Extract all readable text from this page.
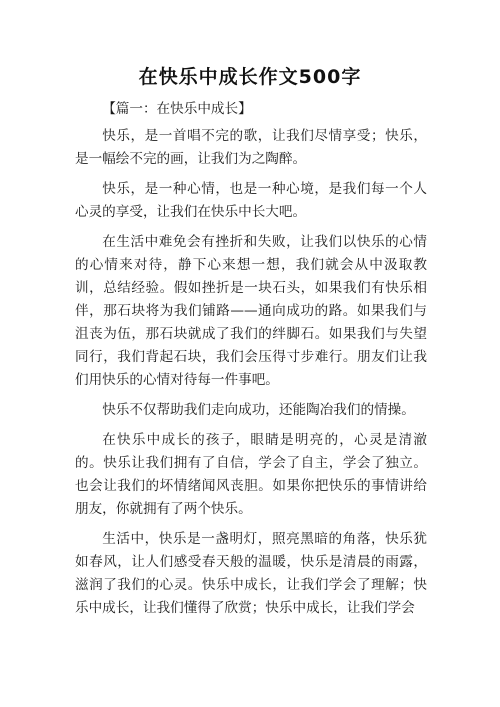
在快乐中成长作文500字

【篇一：在快乐中成长】

快乐，是一首唱不完的歌，让我们尽情享受；快乐，是一幅绘不完的画，让我们为之陶醉。

快乐，是一种心情，也是一种心境，是我们每一个人心灵的享受，让我们在快乐中长大吧。

在生活中难免会有挫折和失败，让我们以快乐的心情的心情来对待，静下心来想一想，我们就会从中汲取教训，总结经验。假如挫折是一块石头，如果我们有快乐相伴，那石块将为我们铺路——通向成功的路。如果我们与沮丧为伍，那石块就成了我们的绊脚石。如果我们与失望同行，我们背起石块，我们会压得寸步难行。朋友们让我们用快乐的心情对待每一件事吧。

快乐不仅帮助我们走向成功，还能陶冶我们的情操。

在快乐中成长的孩子，眼睛是明亮的，心灵是清澈的。快乐让我们拥有了自信，学会了自主，学会了独立。也会让我们的坏情绪闻风丧胆。如果你把快乐的事情讲给朋友，你就拥有了两个快乐。

生活中，快乐是一盏明灯，照亮黑暗的角落，快乐犹如春风，让人们感受春天般的温暖，快乐是清晨的雨露，滋润了我们的心灵。快乐中成长，让我们学会了理解；快乐中成长，让我们懂得了欣赏；快乐中成长，让我们学会
